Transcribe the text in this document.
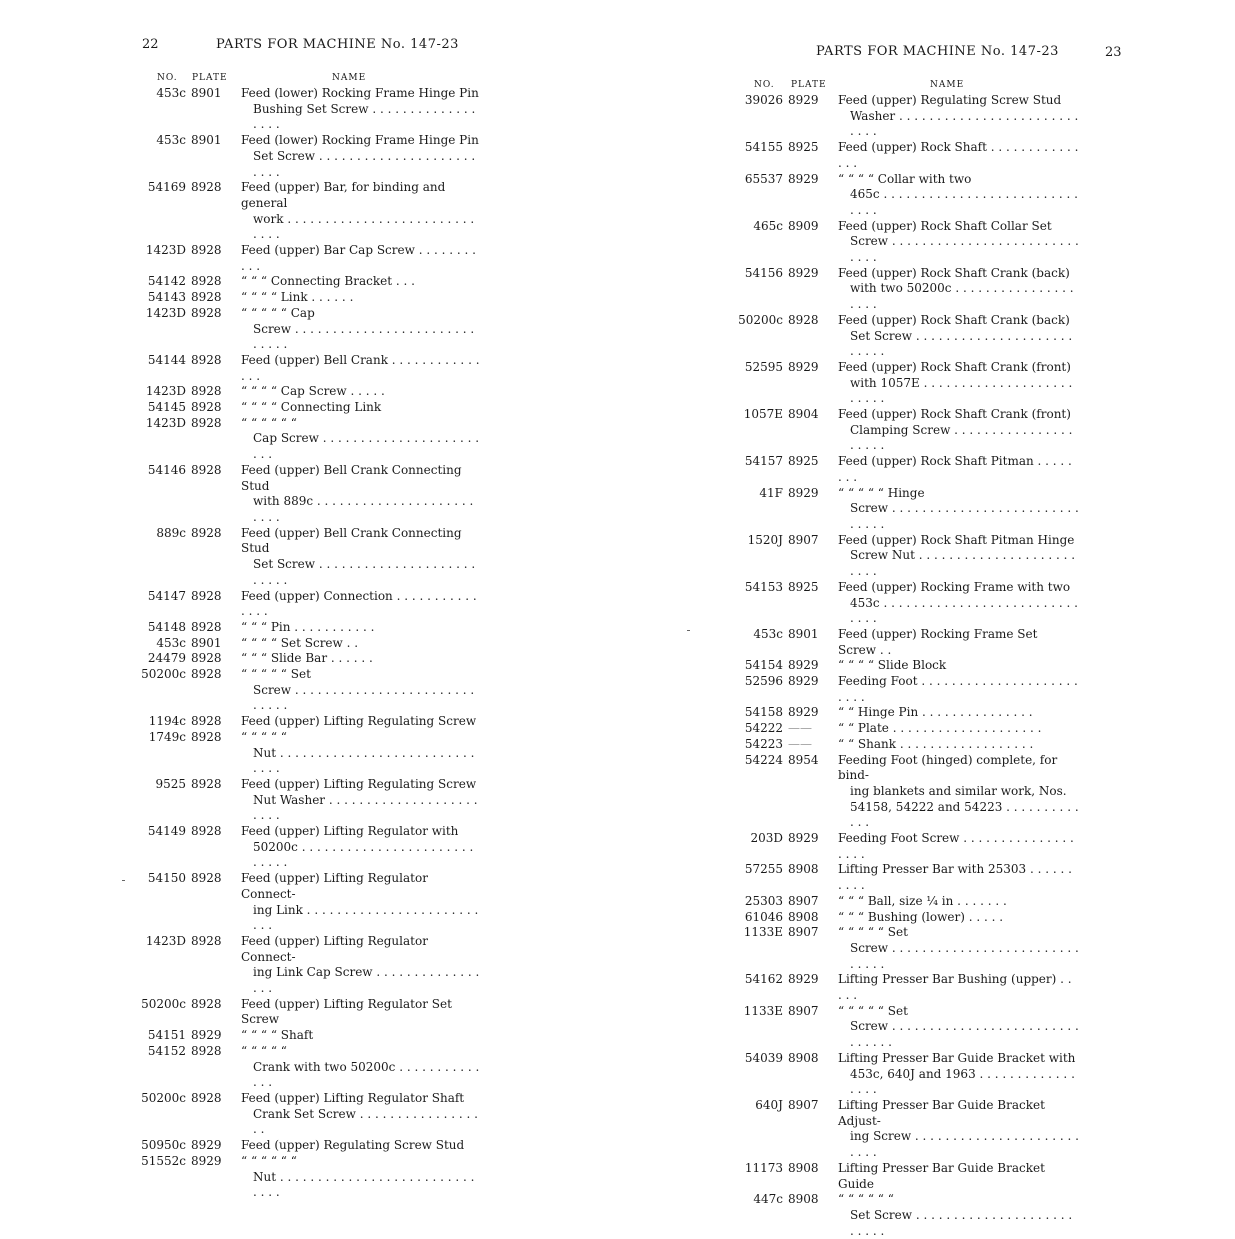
22	PARTS FOR MACHINE No. 147-23
NO. PLATE	NAME
453c 8901	Feed (lower) Rocking Frame Hinge Pin
Bushing Set Screw . . . . . . . . . . . . . . . . . .
453c 8901	Feed (lower) Rocking Frame Hinge Pin
Set Screw . . . . . . . . . . . . . . . . . . . . . . . . .
54169 8928	Feed (upper) Bar, for binding and general
work . . . . . . . . . . . . . . . . . . . . . . . . . . . . .
1423D 8928	Feed (upper) Bar Cap Screw . . . . . . . . . . .
54142 8928	“ “ “ Connecting Bracket . . .
54143 8928	“ “ “ “ Link . . . . . .
1423D 8928	“ “ “ “ “ Cap
Screw . . . . . . . . . . . . . . . . . . . . . . . . . . . . .
54144 8928	Feed (upper) Bell Crank . . . . . . . . . . . . . . .
1423D 8928	“ “ “ “ Cap Screw . . . . .
54145 8928	“ “ “ “ Connecting Link
1423D 8928	“ “ “ “ “ “
Cap Screw . . . . . . . . . . . . . . . . . . . . . . . .
54146 8928	Feed (upper) Bell Crank Connecting Stud
with 889c . . . . . . . . . . . . . . . . . . . . . . . . .
889c 8928	Feed (upper) Bell Crank Connecting Stud
Set Screw . . . . . . . . . . . . . . . . . . . . . . . . . .
54147 8928	Feed (upper) Connection . . . . . . . . . . . . . . .
54148 8928	“ “ “ Pin . . . . . . . . . . .
453c 8901	“ “ “ “ Set Screw . .
24479 8928	“ “ “ Slide Bar . . . . . .
50200c 8928	“ “ “ “ “ Set
Screw . . . . . . . . . . . . . . . . . . . . . . . . . . . . .
1194c 8928	Feed (upper) Lifting Regulating Screw
1749c 8928	“ “ “ “ “
Nut . . . . . . . . . . . . . . . . . . . . . . . . . . . . . .
9525 8928	Feed (upper) Lifting Regulating Screw
Nut Washer . . . . . . . . . . . . . . . . . . . . . . . .
54149 8928	Feed (upper) Lifting Regulator with
50200c . . . . . . . . . . . . . . . . . . . . . . . . . . . .
54150 8928	Feed (upper) Lifting Regulator Connect-
ing Link . . . . . . . . . . . . . . . . . . . . . . . . . .
1423D 8928	Feed (upper) Lifting Regulator Connect-
ing Link Cap Screw . . . . . . . . . . . . . . . . .
50200c 8928	Feed (upper) Lifting Regulator Set Screw
54151 8929	“ “ “ “ Shaft
54152 8928	“ “ “ “ “
Crank with two 50200c . . . . . . . . . . . . . .
50200c 8928	Feed (upper) Lifting Regulator Shaft
Crank Set Screw . . . . . . . . . . . . . . . . . .
50950c 8929	Feed (upper) Regulating Screw Stud
51552c 8929	“ “ “ “ “ “
Nut . . . . . . . . . . . . . . . . . . . . . . . . . . . . . .
PARTS FOR MACHINE No. 147-23	23
NO. PLATE	NAME
39026 8929	Feed (upper) Regulating Screw Stud
Washer . . . . . . . . . . . . . . . . . . . . . . . . . . . .
54155 8925	Feed (upper) Rock Shaft . . . . . . . . . . . . . . .
65537 8929	“ “ “ “ Collar with two
465c . . . . . . . . . . . . . . . . . . . . . . . . . . . . . .
465c 8909	Feed (upper) Rock Shaft Collar Set
Screw . . . . . . . . . . . . . . . . . . . . . . . . . . . . .
54156 8929	Feed (upper) Rock Shaft Crank (back)
with two 50200c . . . . . . . . . . . . . . . . . . . .
50200c 8928	Feed (upper) Rock Shaft Crank (back)
Set Screw . . . . . . . . . . . . . . . . . . . . . . . . . .
52595 8929	Feed (upper) Rock Shaft Crank (front)
with 1057E . . . . . . . . . . . . . . . . . . . . . . . . .
1057E 8904	Feed (upper) Rock Shaft Crank (front)
Clamping Screw . . . . . . . . . . . . . . . . . . . . .
54157 8925	Feed (upper) Rock Shaft Pitman . . . . . . . .
41F 8929	“ “ “ “ “ Hinge
Screw . . . . . . . . . . . . . . . . . . . . . . . . . . . . . .
1520J 8907	Feed (upper) Rock Shaft Pitman Hinge
Screw Nut . . . . . . . . . . . . . . . . . . . . . . . . .
54153 8925	Feed (upper) Rocking Frame with two
453c . . . . . . . . . . . . . . . . . . . . . . . . . . . . . .
453c 8901	Feed (upper) Rocking Frame Set Screw . .
54154 8929	“ “ “ “ Slide Block
52596 8929	Feeding Foot . . . . . . . . . . . . . . . . . . . . . . . . .
54158 8929	“ “ Hinge Pin . . . . . . . . . . . . . . .
54222 ——	“ “ Plate . . . . . . . . . . . . . . . . . . . .
54223 ——	“ “ Shank . . . . . . . . . . . . . . . . . .
54224 8954	Feeding Foot (hinged) complete, for bind-
ing blankets and similar work, Nos.
54158, 54222 and 54223 . . . . . . . . . . . . .
203D 8929	Feeding Foot Screw . . . . . . . . . . . . . . . . . . .
57255 8908	Lifting Presser Bar with 25303 . . . . . . . . . .
25303 8907	“ “ “ Ball, size ¼ in . . . . . . .
61046 8908	“ “ “ Bushing (lower) . . . . .
1133E 8907	“ “ “ “ “ Set
Screw . . . . . . . . . . . . . . . . . . . . . . . . . . . . . .
54162 8929	Lifting Presser Bar Bushing (upper) . . . . .
1133E 8907	“ “ “ “ “ Set
Screw . . . . . . . . . . . . . . . . . . . . . . . . . . . . . . .
54039 8908	Lifting Presser Bar Guide Bracket with
453c, 640J and 1963 . . . . . . . . . . . . . . . . .
640J 8907	Lifting Presser Bar Guide Bracket Adjust-
ing Screw . . . . . . . . . . . . . . . . . . . . . . . . . .
11173 8908	Lifting Presser Bar Guide Bracket Guide
447c 8908	“ “ “ “ “ “
Set Screw . . . . . . . . . . . . . . . . . . . . . . . . . .
